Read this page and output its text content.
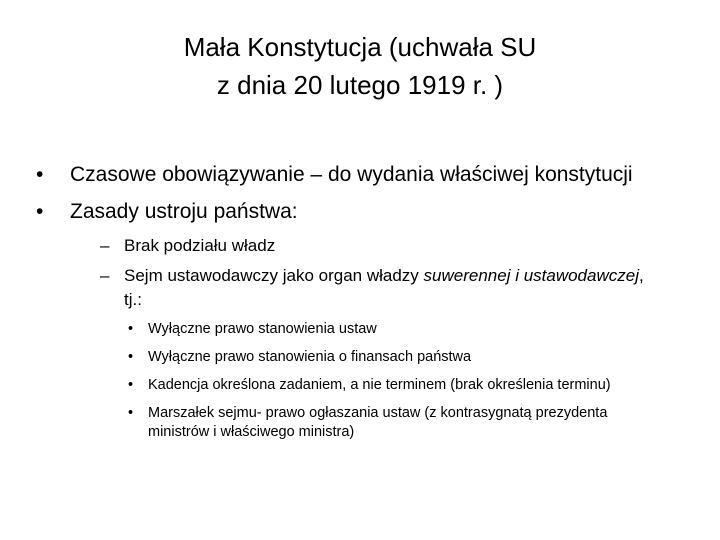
Mała Konstytucja (uchwała SU
z dnia 20 lutego 1919 r. )
• Czasowe obowiązywanie – do wydania właściwej konstytucji
• Zasady ustroju państwa:
– Brak podziału władz
– Sejm ustawodawczy jako organ władzy suwerennej i ustawodawczej, tj.:
• Wyłączne prawo stanowienia ustaw
• Wyłączne prawo stanowienia o finansach państwa
• Kadencja określona zadaniem, a nie terminem (brak określenia terminu)
• Marszałek sejmu- prawo ogłaszania ustaw (z kontrasygnatą prezydenta ministrów i właściwego ministra)
